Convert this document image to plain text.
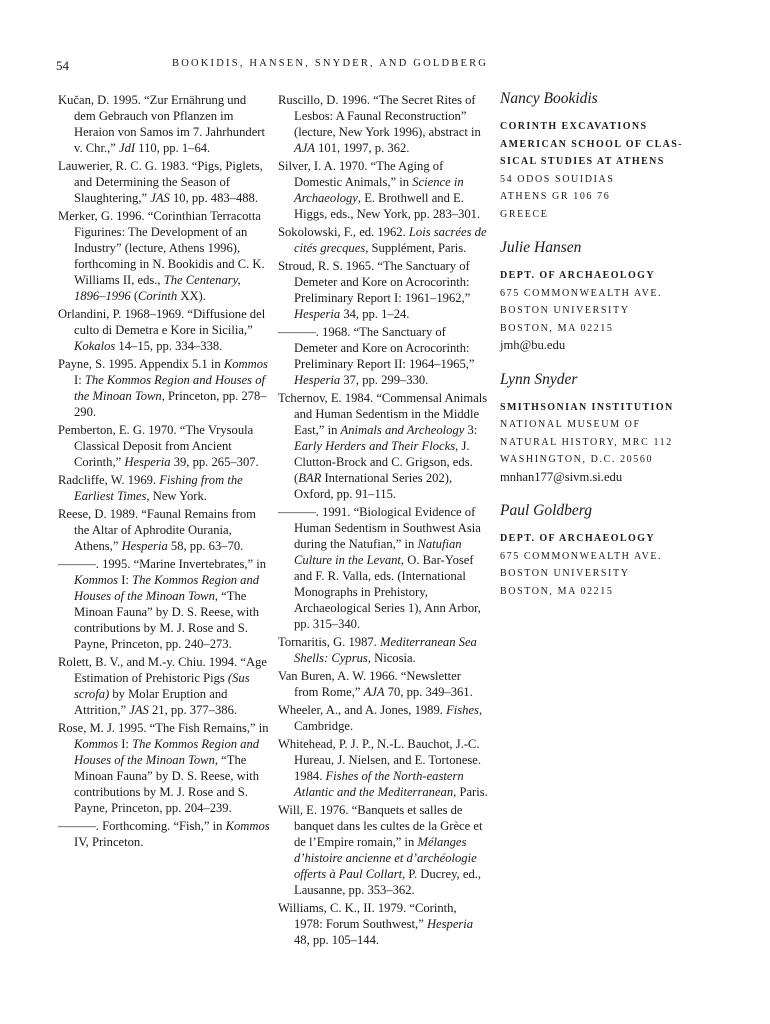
54	BOOKIDIS, HANSEN, SNYDER, AND GOLDBERG

Kučan, D. 1995. “Zur Ernährung und dem Gebrauch von Pflanzen im Heraion von Samos im 7. Jahrhundert v. Chr.,” JdI 110, pp. 1–64.

Lauwerier, R. C. G. 1983. “Pigs, Piglets, and Determining the Season of Slaughtering,” JAS 10, pp. 483–488.

Merker, G. 1996. “Corinthian Terracotta Figurines: The Development of an Industry” (lecture, Athens 1996), forthcoming in N. Bookidis and C. K. Williams II, eds., The Centenary, 1896–1996 (Corinth XX).

Orlandini, P. 1968–1969. “Diffusione del culto di Demetra e Kore in Sicilia,” Kokalos 14–15, pp. 334–338.

Payne, S. 1995. Appendix 5.1 in Kommos I: The Kommos Region and Houses of the Minoan Town, Princeton, pp. 278–290.

Pemberton, E. G. 1970. “The Vrysoula Classical Deposit from Ancient Corinth,” Hesperia 39, pp. 265–307.

Radcliffe, W. 1969. Fishing from the Earliest Times, New York.

Reese, D. 1989. “Faunal Remains from the Altar of Aphrodite Ourania, Athens,” Hesperia 58, pp. 63–70.

———. 1995. “Marine Invertebrates,” in Kommos I: The Kommos Region and Houses of the Minoan Town, “The Minoan Fauna” by D. S. Reese, with contributions by M. J. Rose and S. Payne, Princeton, pp. 240–273.

Rolett, B. V., and M.-y. Chiu. 1994. “Age Estimation of Prehistoric Pigs (Sus scrofa) by Molar Eruption and Attrition,” JAS 21, pp. 377–386.

Rose, M. J. 1995. “The Fish Remains,” in Kommos I: The Kommos Region and Houses of the Minoan Town, “The Minoan Fauna” by D. S. Reese, with contributions by M. J. Rose and S. Payne, Princeton, pp. 204–239.

———. Forthcoming. “Fish,” in Kommos IV, Princeton.

Ruscillo, D. 1996. “The Secret Rites of Lesbos: A Faunal Reconstruction” (lecture, New York 1996), abstract in AJA 101, 1997, p. 362.

Silver, I. A. 1970. “The Aging of Domestic Animals,” in Science in Archaeology, E. Brothwell and E. Higgs, eds., New York, pp. 283–301.

Sokolowski, F., ed. 1962. Lois sacrées de cités grecques, Supplément, Paris.

Stroud, R. S. 1965. “The Sanctuary of Demeter and Kore on Acrocorinth: Preliminary Report I: 1961–1962,” Hesperia 34, pp. 1–24.

———. 1968. “The Sanctuary of Demeter and Kore on Acrocorinth: Preliminary Report II: 1964–1965,” Hesperia 37, pp. 299–330.

Tchernov, E. 1984. “Commensal Animals and Human Sedentism in the Middle East,” in Animals and Archeology 3: Early Herders and Their Flocks, J. Clutton-Brock and C. Grigson, eds. (BAR International Series 202), Oxford, pp. 91–115.

———. 1991. “Biological Evidence of Human Sedentism in Southwest Asia during the Natufian,” in Natufian Culture in the Levant, O. Bar-Yosef and F. R. Valla, eds. (International Monographs in Prehistory, Archaeological Series 1), Ann Arbor, pp. 315–340.

Tornaritis, G. 1987. Mediterranean Sea Shells: Cyprus, Nicosia.

Van Buren, A. W. 1966. “Newsletter from Rome,” AJA 70, pp. 349–361.

Wheeler, A., and A. Jones, 1989. Fishes, Cambridge.

Whitehead, P. J. P., N.-L. Bauchot, J.-C. Hureau, J. Nielsen, and E. Tortonese. 1984. Fishes of the North-eastern Atlantic and the Mediterranean, Paris.

Will, E. 1976. “Banquets et salles de banquet dans les cultes de la Grèce et de l’Empire romain,” in Mélanges d’histoire ancienne et d’archéologie offerts à Paul Collart, P. Ducrey, ed., Lausanne, pp. 353–362.

Williams, C. K., II. 1979. “Corinth, 1978: Forum Southwest,” Hesperia 48, pp. 105–144.

Nancy Bookidis
CORINTH EXCAVATIONS
AMERICAN SCHOOL OF CLAS-
SICAL STUDIES AT ATHENS
54 ODOS SOUIDIAS
ATHENS GR 106 76
GREECE
Julie Hansen
DEPT. OF ARCHAEOLOGY
675 COMMONWEALTH AVE.
BOSTON UNIVERSITY
BOSTON, MA 02215
jmh@bu.edu
Lynn Snyder
SMITHSONIAN INSTITUTION
NATIONAL MUSEUM OF
NATURAL HISTORY, MRC 112
WASHINGTON, D.C. 20560
mnhan177@sivm.si.edu
Paul Goldberg
DEPT. OF ARCHAEOLOGY
675 COMMONWEALTH AVE.
BOSTON UNIVERSITY
BOSTON, MA 02215
